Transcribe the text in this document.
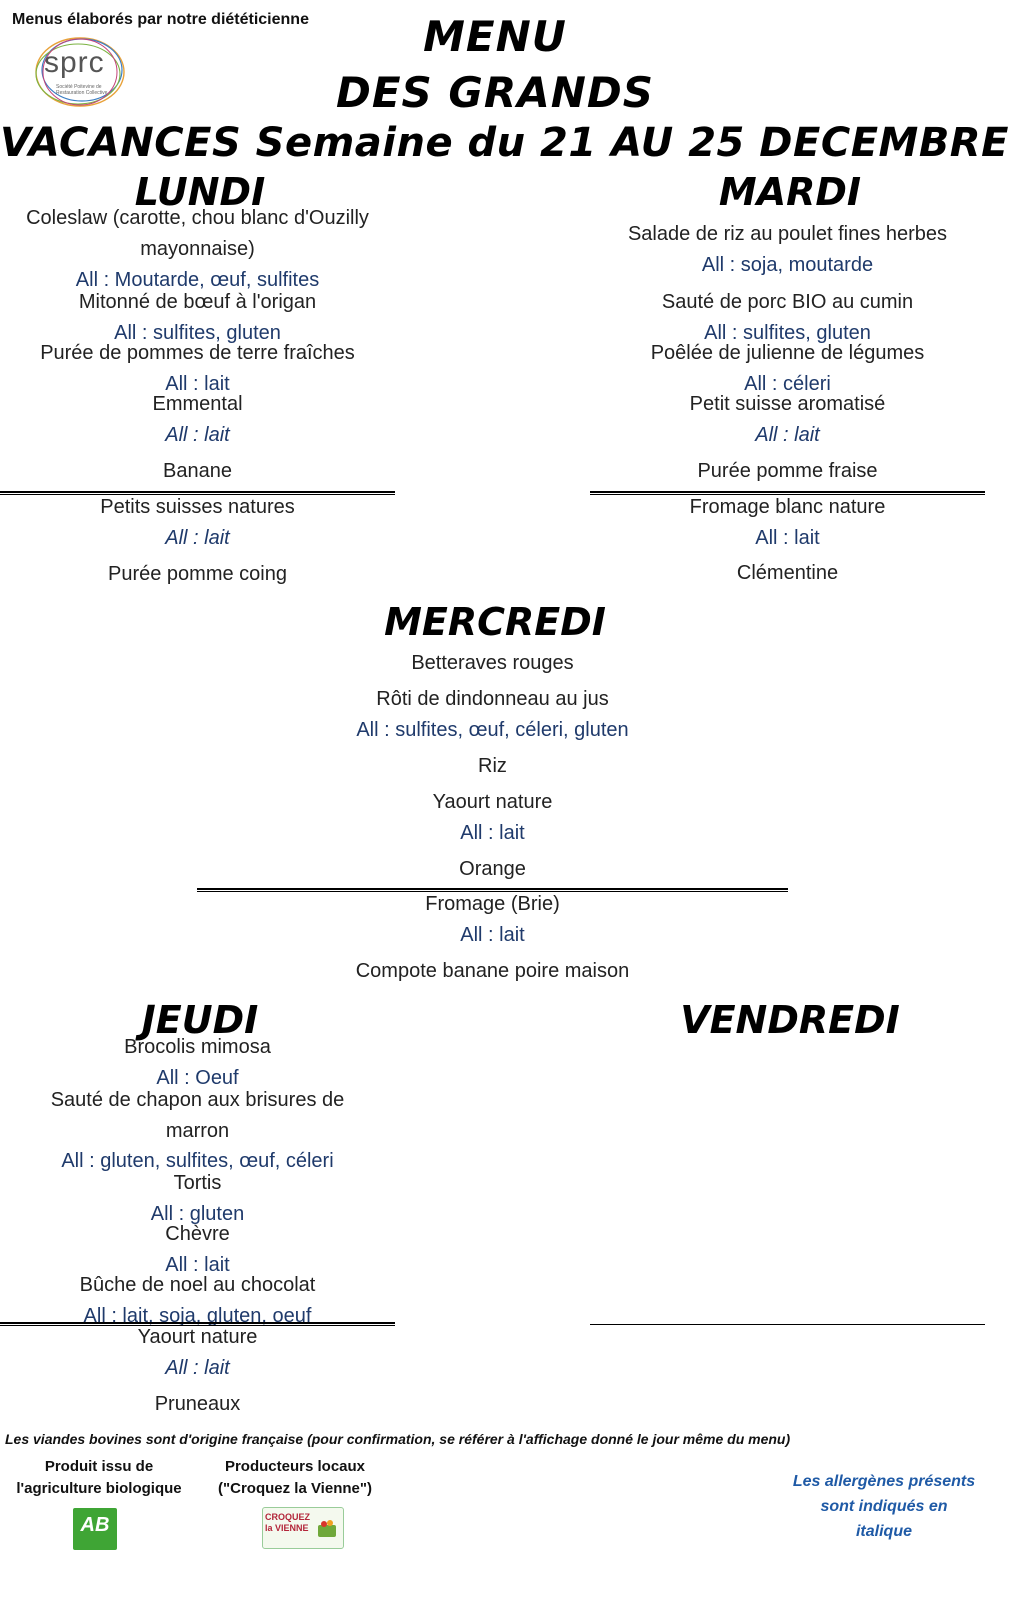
Menus élaborés par notre diététicienne
sprc
Société Poitevine de Restauration Collective
MENU
DES GRANDS
VACANCES Semaine du 21 AU 25 DECEMBRE
LUNDI
Coleslaw (carotte, chou blanc d'Ouzilly
mayonnaise)
All : Moutarde, œuf, sulfites
Mitonné de bœuf à l'origan
All : sulfites, gluten
Purée de pommes de terre fraîches
All : lait
Emmental
All : lait
Banane
Petits suisses natures
All : lait
Purée pomme coing
MARDI
Salade de riz au poulet fines herbes
All : soja, moutarde
Sauté de porc BIO au cumin
All : sulfites, gluten
Poêlée de julienne de légumes
All : céleri
Petit suisse aromatisé
All : lait
Purée pomme fraise
Fromage blanc nature
All : lait
Clémentine
MERCREDI
Betteraves rouges
Rôti de dindonneau au jus
All : sulfites, œuf, céleri, gluten
Riz
Yaourt nature
All : lait
Orange
Fromage (Brie)
All : lait
Compote banane poire maison
JEUDI
Brocolis mimosa
All : Oeuf
Sauté de chapon aux brisures de
marron
All : gluten, sulfites, œuf, céleri
Tortis
All : gluten
Chèvre
All : lait
Bûche de noel au chocolat
All : lait, soja, gluten, oeuf
Yaourt nature
All : lait
Pruneaux
VENDREDI
Les viandes bovines sont d'origine française (pour confirmation, se référer à l'affichage donné le jour même du menu)
Produit issu de
l'agriculture biologique
AB
Producteurs locaux
("Croquez la Vienne")
CROQUEZ la VIENNE
Les allergènes présents
sont indiqués en
italique
